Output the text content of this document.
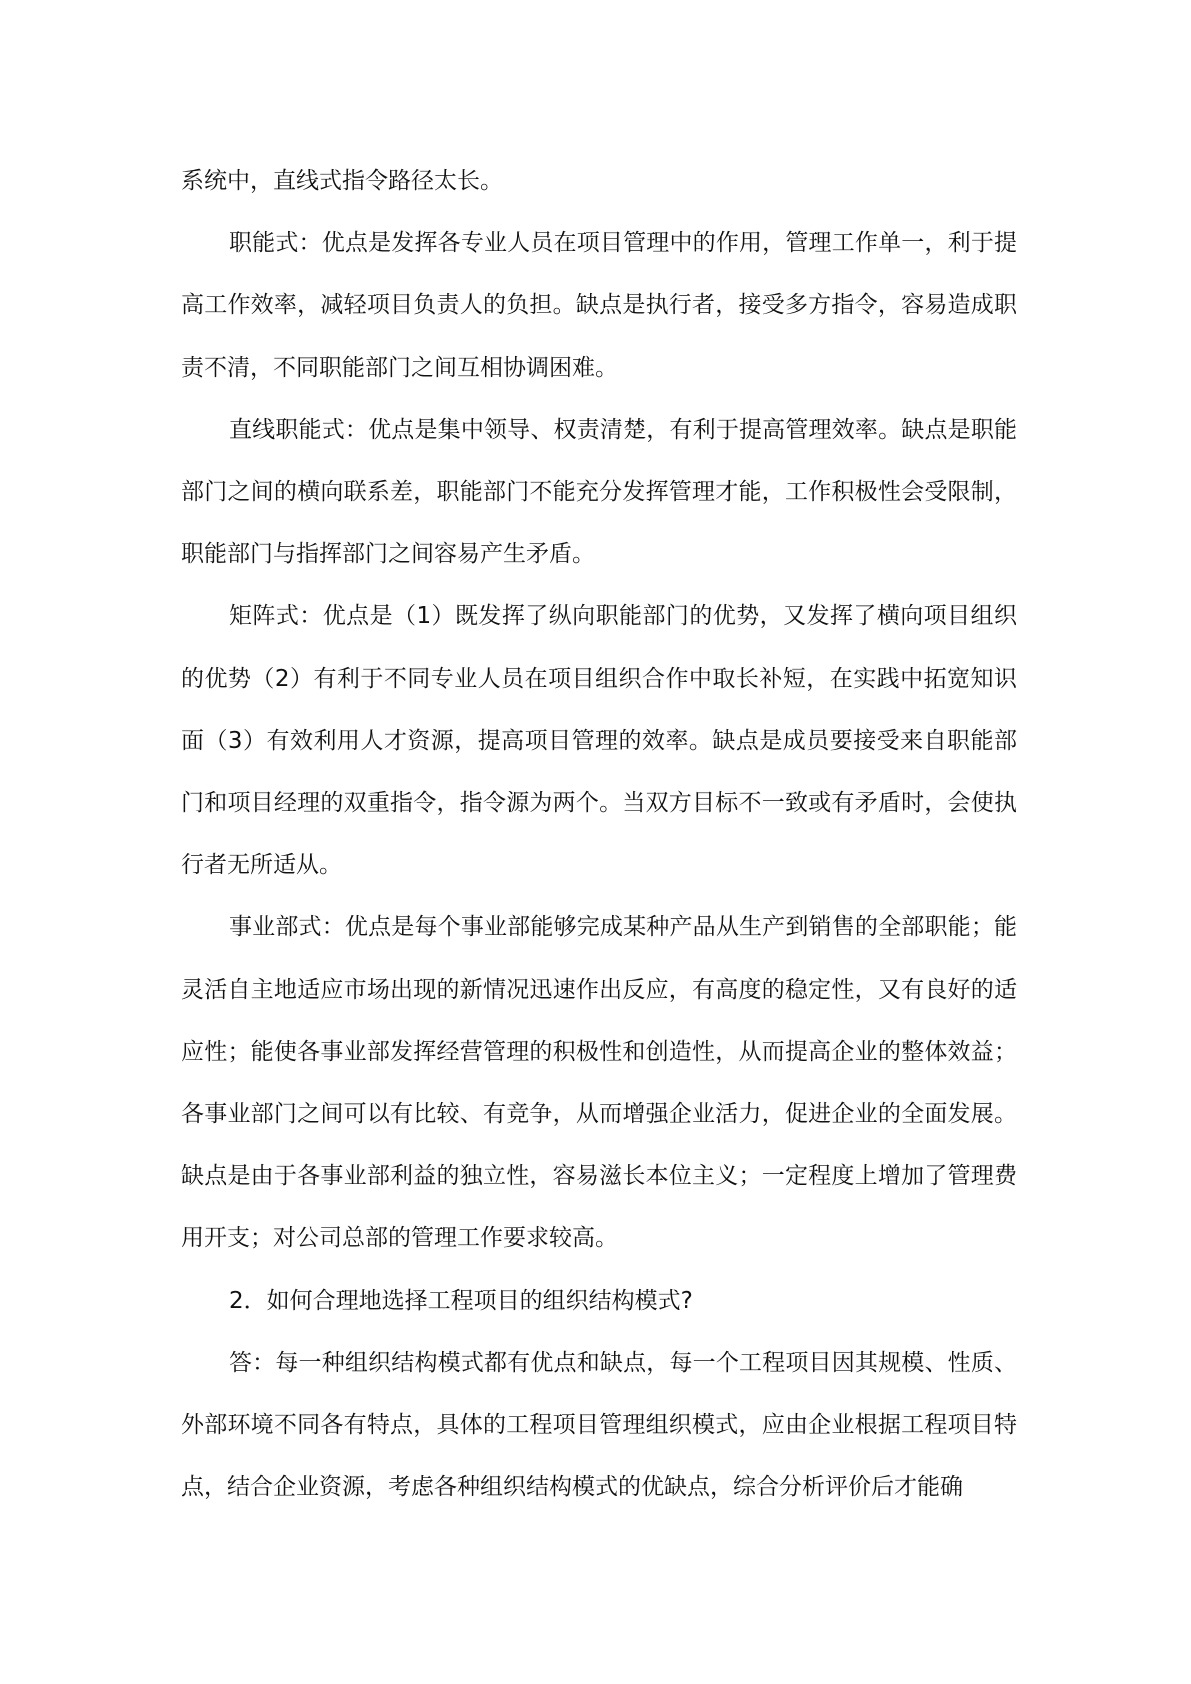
系统中，直线式指令路径太长。

职能式：优点是发挥各专业人员在项目管理中的作用，管理工作单一，利于提高工作效率，减轻项目负责人的负担。缺点是执行者，接受多方指令，容易造成职责不清，不同职能部门之间互相协调困难。

直线职能式：优点是集中领导、权责清楚，有利于提高管理效率。缺点是职能部门之间的横向联系差，职能部门不能充分发挥管理才能，工作积极性会受限制，职能部门与指挥部门之间容易产生矛盾。

矩阵式：优点是（1）既发挥了纵向职能部门的优势，又发挥了横向项目组织的优势（2）有利于不同专业人员在项目组织合作中取长补短，在实践中拓宽知识面（3）有效利用人才资源，提高项目管理的效率。缺点是成员要接受来自职能部门和项目经理的双重指令，指令源为两个。当双方目标不一致或有矛盾时，会使执行者无所适从。

事业部式：优点是每个事业部能够完成某种产品从生产到销售的全部职能；能灵活自主地适应市场出现的新情况迅速作出反应，有高度的稳定性，又有良好的适应性；能使各事业部发挥经营管理的积极性和创造性，从而提高企业的整体效益；各事业部门之间可以有比较、有竞争，从而增强企业活力，促进企业的全面发展。缺点是由于各事业部利益的独立性，容易滋长本位主义；一定程度上增加了管理费用开支；对公司总部的管理工作要求较高。

2．如何合理地选择工程项目的组织结构模式?

答：每一种组织结构模式都有优点和缺点，每一个工程项目因其规模、性质、外部环境不同各有特点，具体的工程项目管理组织模式，应由企业根据工程项目特点，结合企业资源，考虑各种组织结构模式的优缺点，综合分析评价后才能确
